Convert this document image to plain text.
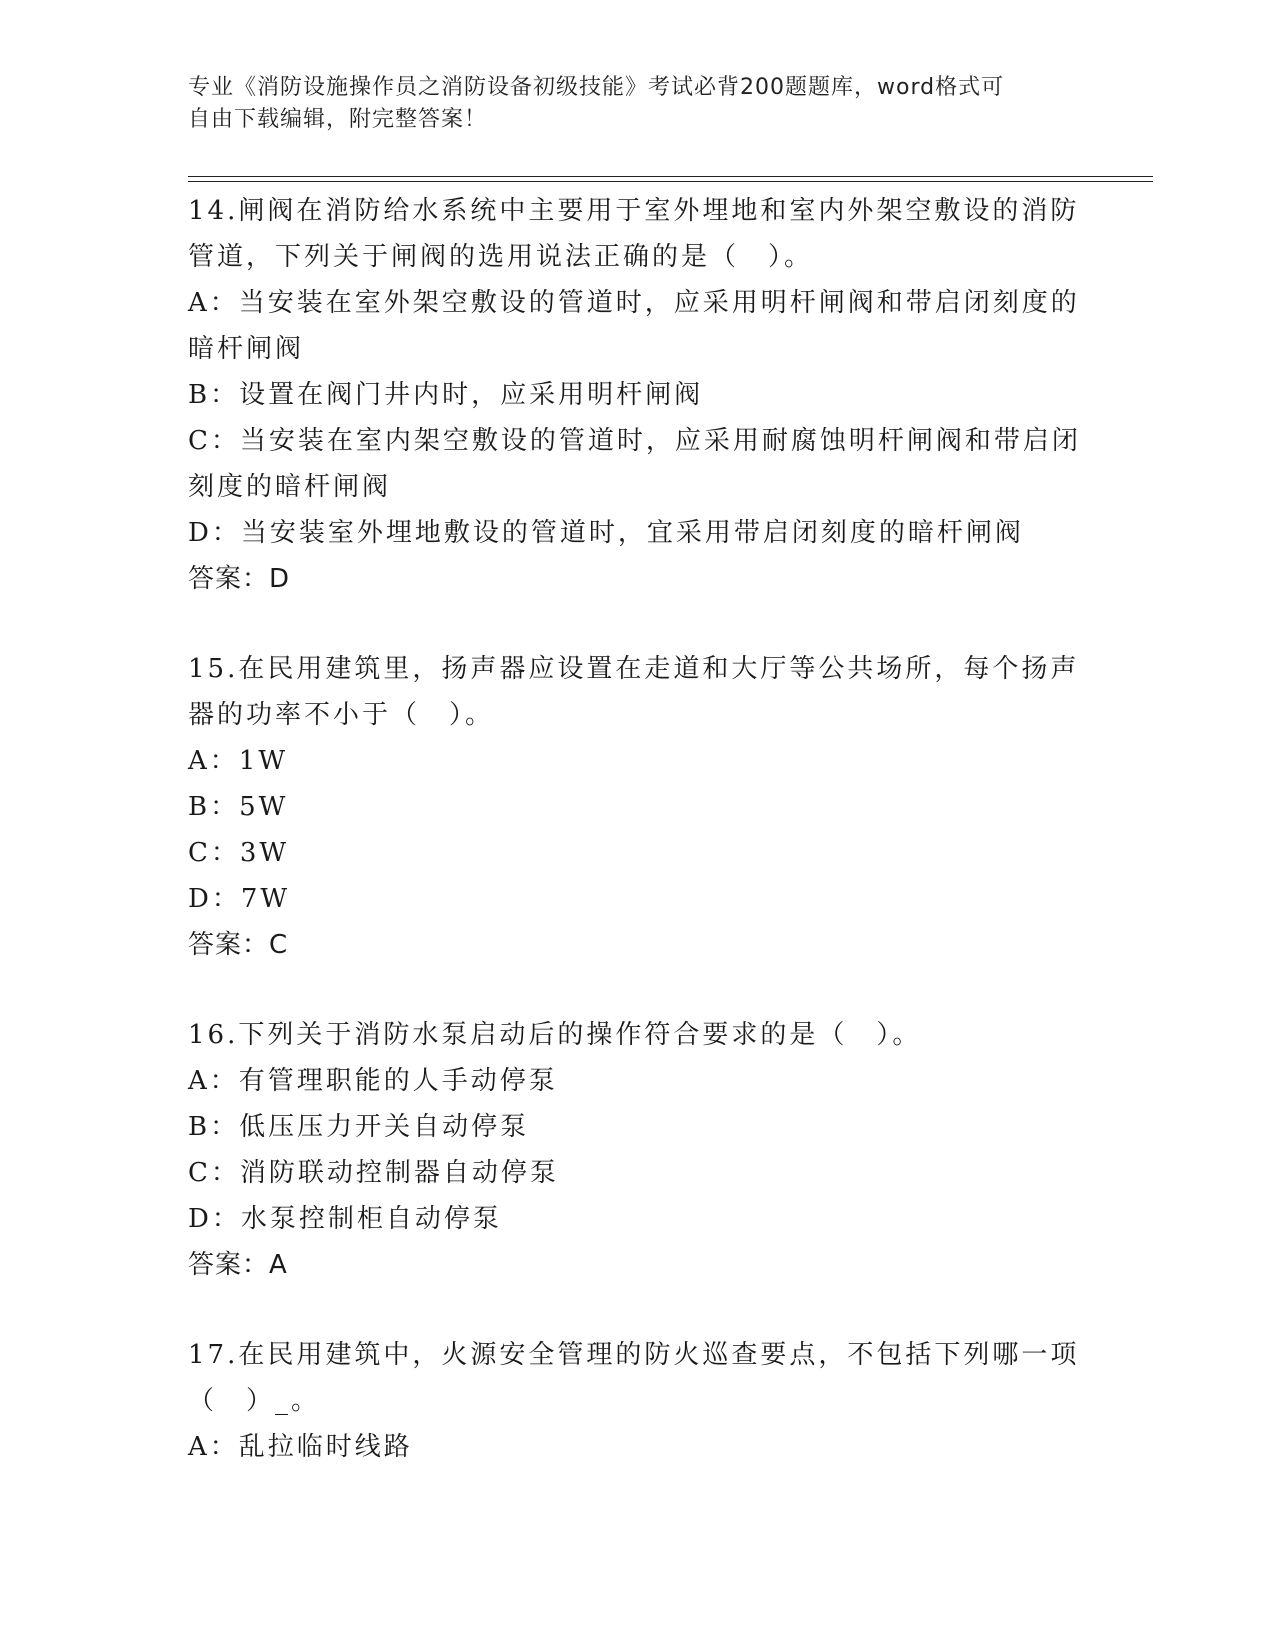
专业《消防设施操作员之消防设备初级技能》考试必背200题题库，word格式可
自由下载编辑，附完整答案！

14.闸阀在消防给水系统中主要用于室外埋地和室内外架空敷设的消防管道，下列关于闸阀的选用说法正确的是（　）。

A：当安装在室外架空敷设的管道时，应采用明杆闸阀和带启闭刻度的暗杆闸阀

B：设置在阀门井内时，应采用明杆闸阀

C：当安装在室内架空敷设的管道时，应采用耐腐蚀明杆闸阀和带启闭刻度的暗杆闸阀

D：当安装室外埋地敷设的管道时，宜采用带启闭刻度的暗杆闸阀

答案：D

15.在民用建筑里，扬声器应设置在走道和大厅等公共场所，每个扬声器的功率不小于（　）。

A：1W

B：5W

C：3W

D：7W

答案：C

16.下列关于消防水泵启动后的操作符合要求的是（　）。

A：有管理职能的人手动停泵

B：低压压力开关自动停泵

C：消防联动控制器自动停泵

D：水泵控制柜自动停泵

答案：A

17.在民用建筑中，火源安全管理的防火巡查要点，不包括下列哪一项（　）_。

A：乱拉临时线路
